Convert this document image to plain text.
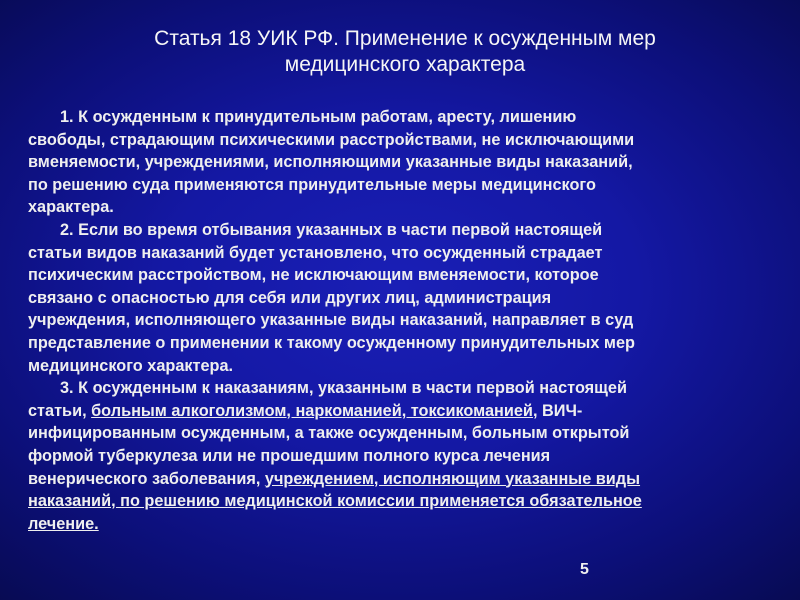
Статья 18 УИК РФ. Применение к осужденным мер
медицинского характера

1. К осужденным к принудительным работам, аресту, лишению
свободы, страдающим психическими расстройствами, не исключающими
вменяемости, учреждениями, исполняющими указанные виды наказаний,
по решению суда применяются принудительные меры медицинского
характера.

2. Если во время отбывания указанных в части первой настоящей
статьи видов наказаний будет установлено, что осужденный страдает
психическим расстройством, не исключающим вменяемости, которое
связано с опасностью для себя или других лиц, администрация
учреждения, исполняющего указанные виды наказаний, направляет в суд
представление о применении к такому осужденному принудительных мер
медицинского характера.

3. К осужденным к наказаниям, указанным в части первой настоящей
статьи, больным алкоголизмом, наркоманией, токсикоманией, ВИЧ-
инфицированным осужденным, а также осужденным, больным открытой
формой туберкулеза или не прошедшим полного курса лечения
венерического заболевания, учреждением, исполняющим указанные виды
наказаний, по решению медицинской комиссии применяется обязательное
лечение.

5
